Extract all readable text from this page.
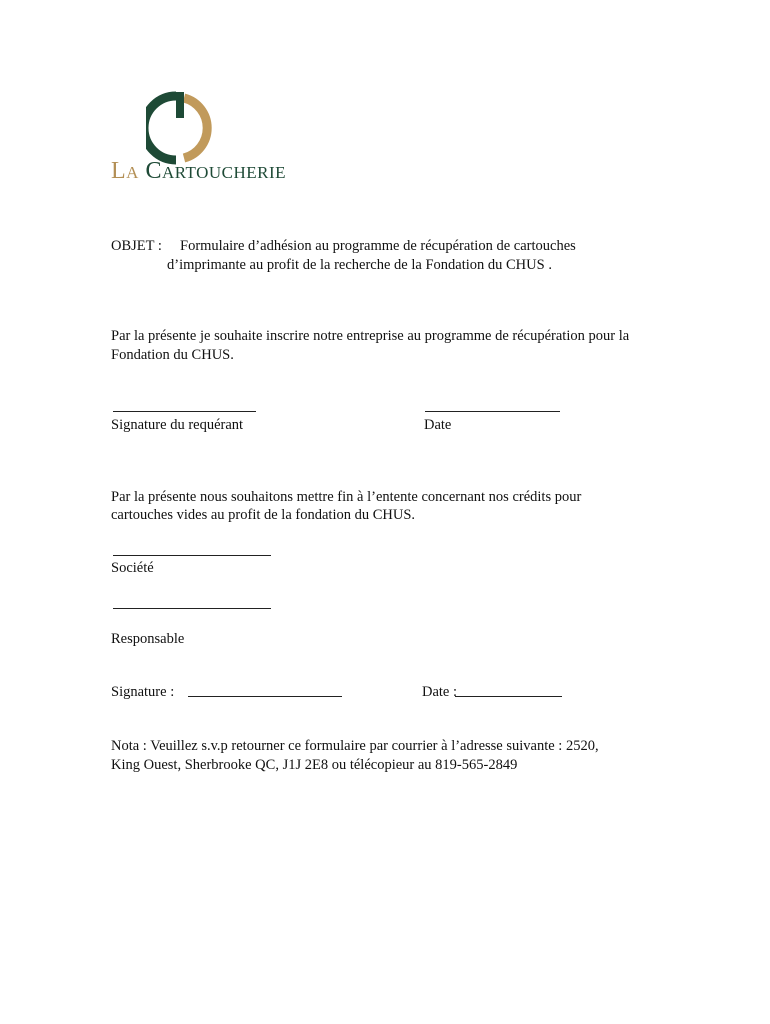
La Cartoucherie
OBJET : Formulaire d’adhésion au programme de récupération de cartouches
d’imprimante au profit de la recherche de la Fondation du CHUS .
Par la présente je souhaite inscrire notre entreprise au programme de récupération pour la
Fondation du CHUS.
Signature du requérant	Date
Par la présente nous souhaitons mettre fin à l’entente concernant nos crédits pour
cartouches vides au profit de la fondation du CHUS.
Société
Responsable
Signature :	Date :
Nota : Veuillez s.v.p retourner ce formulaire par courrier à l’adresse suivante : 2520,
King Ouest, Sherbrooke QC, J1J 2E8 ou télécopieur au 819-565-2849
